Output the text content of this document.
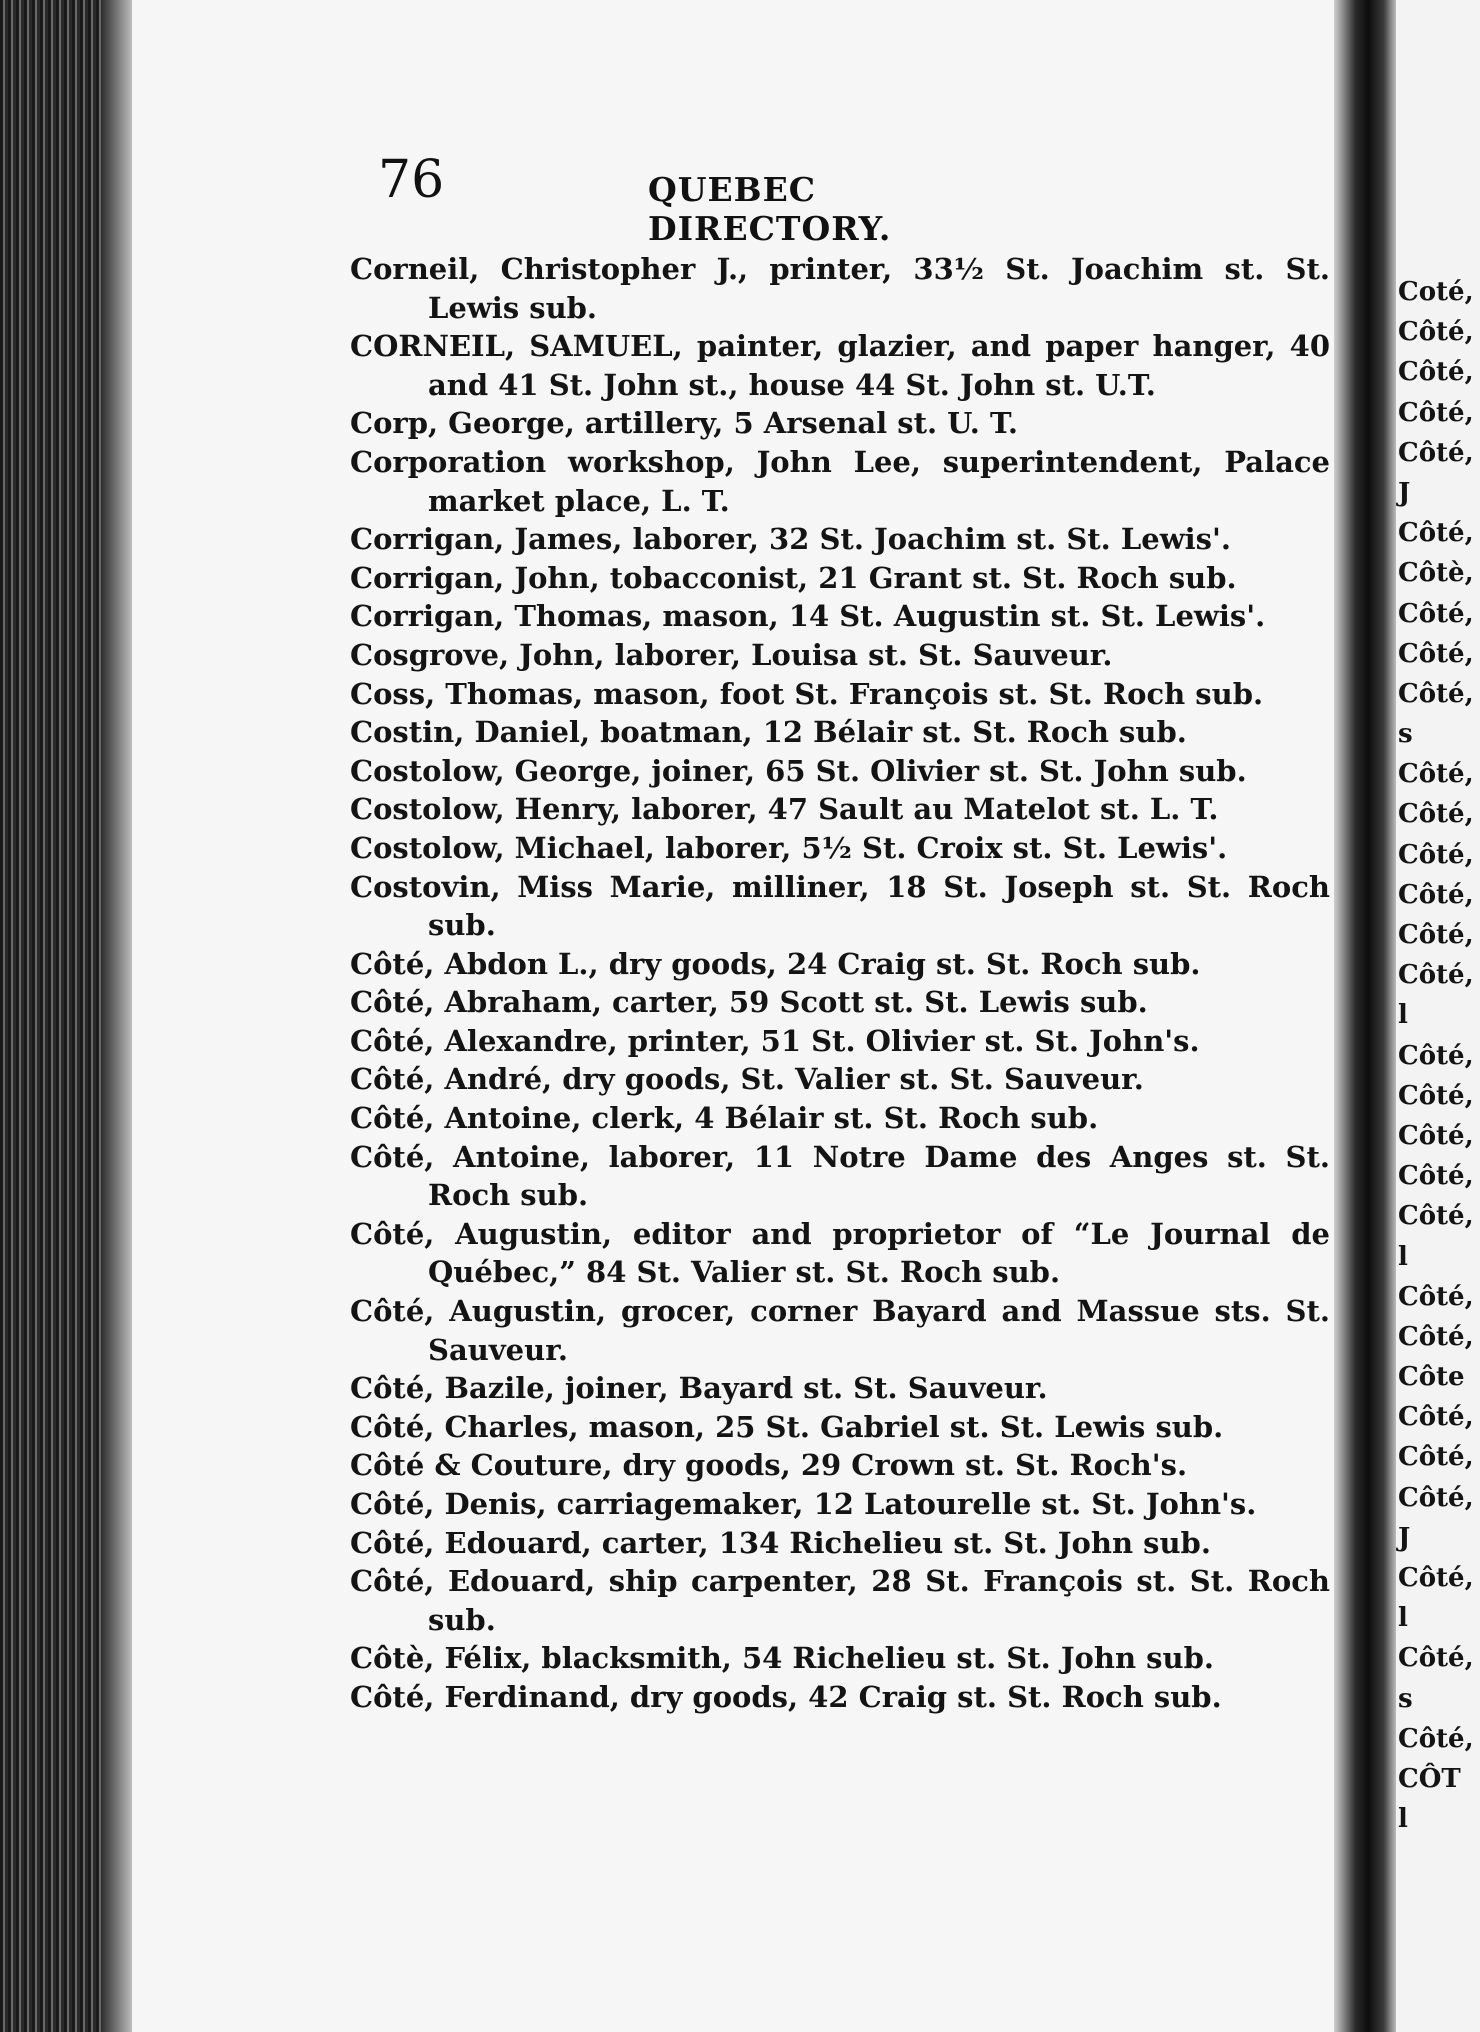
76	QUEBEC DIRECTORY.
Corneil, Christopher J., printer, 33½ St. Joachim st. St. Lewis sub.
CORNEIL, SAMUEL, painter, glazier, and paper hanger, 40 and 41 St. John st., house 44 St. John st. U.T.
Corp, George, artillery, 5 Arsenal st. U. T.
Corporation workshop, John Lee, superintendent, Palace market place, L. T.
Corrigan, James, laborer, 32 St. Joachim st. St. Lewis'.
Corrigan, John, tobacconist, 21 Grant st. St. Roch sub.
Corrigan, Thomas, mason, 14 St. Augustin st. St. Lewis'.
Cosgrove, John, laborer, Louisa st. St. Sauveur.
Coss, Thomas, mason, foot St. François st. St. Roch sub.
Costin, Daniel, boatman, 12 Bélair st. St. Roch sub.
Costolow, George, joiner, 65 St. Olivier st. St. John sub.
Costolow, Henry, laborer, 47 Sault au Matelot st. L. T.
Costolow, Michael, laborer, 5½ St. Croix st. St. Lewis'.
Costovin, Miss Marie, milliner, 18 St. Joseph st. St. Roch sub.
Côté, Abdon L., dry goods, 24 Craig st. St. Roch sub.
Côté, Abraham, carter, 59 Scott st. St. Lewis sub.
Côté, Alexandre, printer, 51 St. Olivier st. St. John's.
Côté, André, dry goods, St. Valier st. St. Sauveur.
Côté, Antoine, clerk, 4 Bélair st. St. Roch sub.
Côté, Antoine, laborer, 11 Notre Dame des Anges st. St. Roch sub.
Côté, Augustin, editor and proprietor of “Le Journal de Québec,” 84 St. Valier st. St. Roch sub.
Côté, Augustin, grocer, corner Bayard and Massue sts. St. Sauveur.
Côté, Bazile, joiner, Bayard st. St. Sauveur.
Côté, Charles, mason, 25 St. Gabriel st. St. Lewis sub.
Côté & Couture, dry goods, 29 Crown st. St. Roch's.
Côté, Denis, carriagemaker, 12 Latourelle st. St. John's.
Côté, Edouard, carter, 134 Richelieu st. St. John sub.
Côté, Edouard, ship carpenter, 28 St. François st. St. Roch sub.
Côtè, Félix, blacksmith, 54 Richelieu st. St. John sub.
Côté, Ferdinand, dry goods, 42 Craig st. St. Roch sub.
Coté,
Côté,
Côté,
Côté,
Côté,
J
Côté,
Côtè,
Côté,
Côté,
Côté,
s
Côté,
Côté,
Côté,
Côté,
Côté,
Côté,
l
Côté,
Côté,
Côté,
Côté,
Côté,
l
Côté,
Côté,
Côte
Côté,
Côté,
Côté,
J
Côté,
l
Côté,
s
Côté,
CÔT
l
